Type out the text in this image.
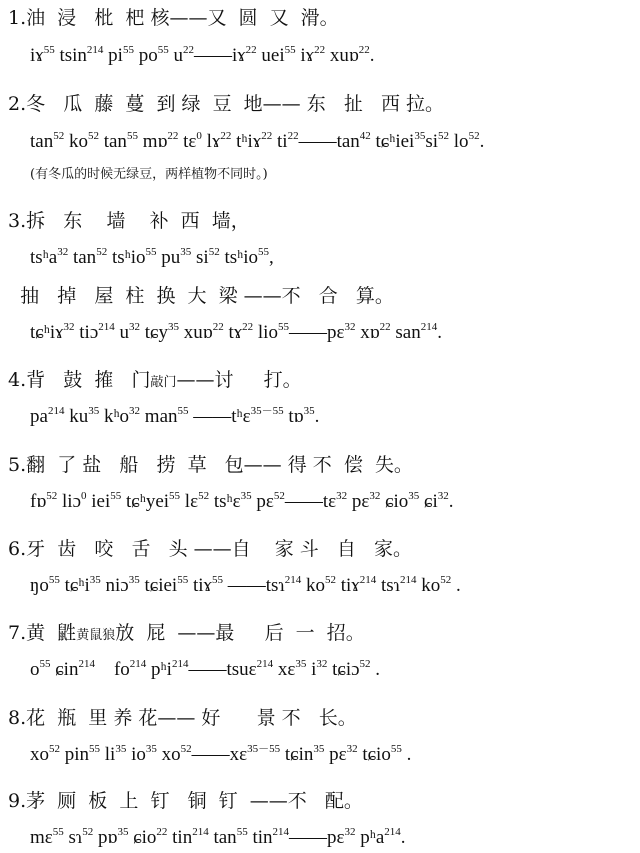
1.油  浸   枇  杷 核——又  圆  又  滑。
iɤ$^{55}$ tsin$^{214}$ $pi^{55}$ $po^{55}$ $u^{22}——iɤ^{22}$ uei$^{55}$ iɤ$^{22}$ xuɒ$^{22}$.
2.冬   瓜  藤  蔓  到 绿  豆  地—— 东   扯   西 拉。
$\tan^{52} ko^{52}$ $\tan^{55}$ mɒ$^{22}$ tɛ$^0$ lɤ$^{22}$ tʰiɤ$^{22}$ $ti^{22}——\tan^{42}$ $tɕʰiei^{35}si^{52}$ $lo^{52}$.
(有冬瓜的时候无绿豆，两样植物不同时。)
3.拆   东    墙    补  西  墙，
tsʰa$^{32}$ $\tan^{52}$ tsʰio$^{55}$ $pu^{35}$ $si^{52}$ tsʰio$^{55}$,
抽   掉   屋  柱  换  大  梁 ——不   合   算。
tɕʰiɤ$^{32}$ tiɔ$^{214}$ $u^{32}$ tɕy$^{35}$ xuɒ$^{22}$ tɤ$^{22}$ lio$^{55}$——pɛ$^{32}$ xɒ$^{22}$ san$^{214}$.
4.背   鼓  搉   门敲门——讨     打。
$pa^{214}$ $ku^{35}$ kʰo$^{32}$ man$^{55}$ ——tʰɛ$^{35-55}$ tɒ$^{35}$.
5.翻  了 盐   船   捞  草   包—— 得 不  偿  失。
fɒ$^{52}$ liɔ$^0$ iei$^{55}$ tɕʰyei$^{55}$ lɛ$^{52}$ tsʰɛ$^{35}$ pɛ$^{52}$——tɛ$^{32}$ pɛ$^{32}$ ɕio$^{35}$ ɕi$^{32}$.
6.牙  齿   咬   舌   头 ——自    家 斗   自   家。
$ŋo^{55}$ tɕʰi$^{35}$ niɔ$^{35}$ tɕiei$^{55}$ tiɤ$^{55}$ ——tsɿ$^{214}$ $ko^{52}$ tiɤ$^{214}$ tsɿ$^{214}$ $ko^{52}$ .
7.黄  鼪黄鼠狼放  屁  ——最     后  一  招。
$o^{55}$ ɕin$^{214}$    $fo^{214}$ pʰi$^{214}$——tsuɛ$^{214}$ xɛ$^{35}$ $i^{32}$ tɕiɔ$^{52}$ .
8.花  瓶  里 养 花—— 好      景 不   长。
$xo^{52}$ pin$^{55}$ $li^{35}$ $io^{35}$ $xo^{52}——xɛ^{35-55}$ tɕin$^{35}$ pɛ$^{32}$ tɕio$^{55}$ .
9.茅  厕  板  上  钉   铜  钉  ——不   配。
mɛ$^{55}$ sɿ$^{52}$ pɒ$^{35}$ ɕio$^{22}$ tin$^{214}$ $\tan^{55}$ tin$^{214}$——pɛ$^{32}$ pʰa$^{214}$.
